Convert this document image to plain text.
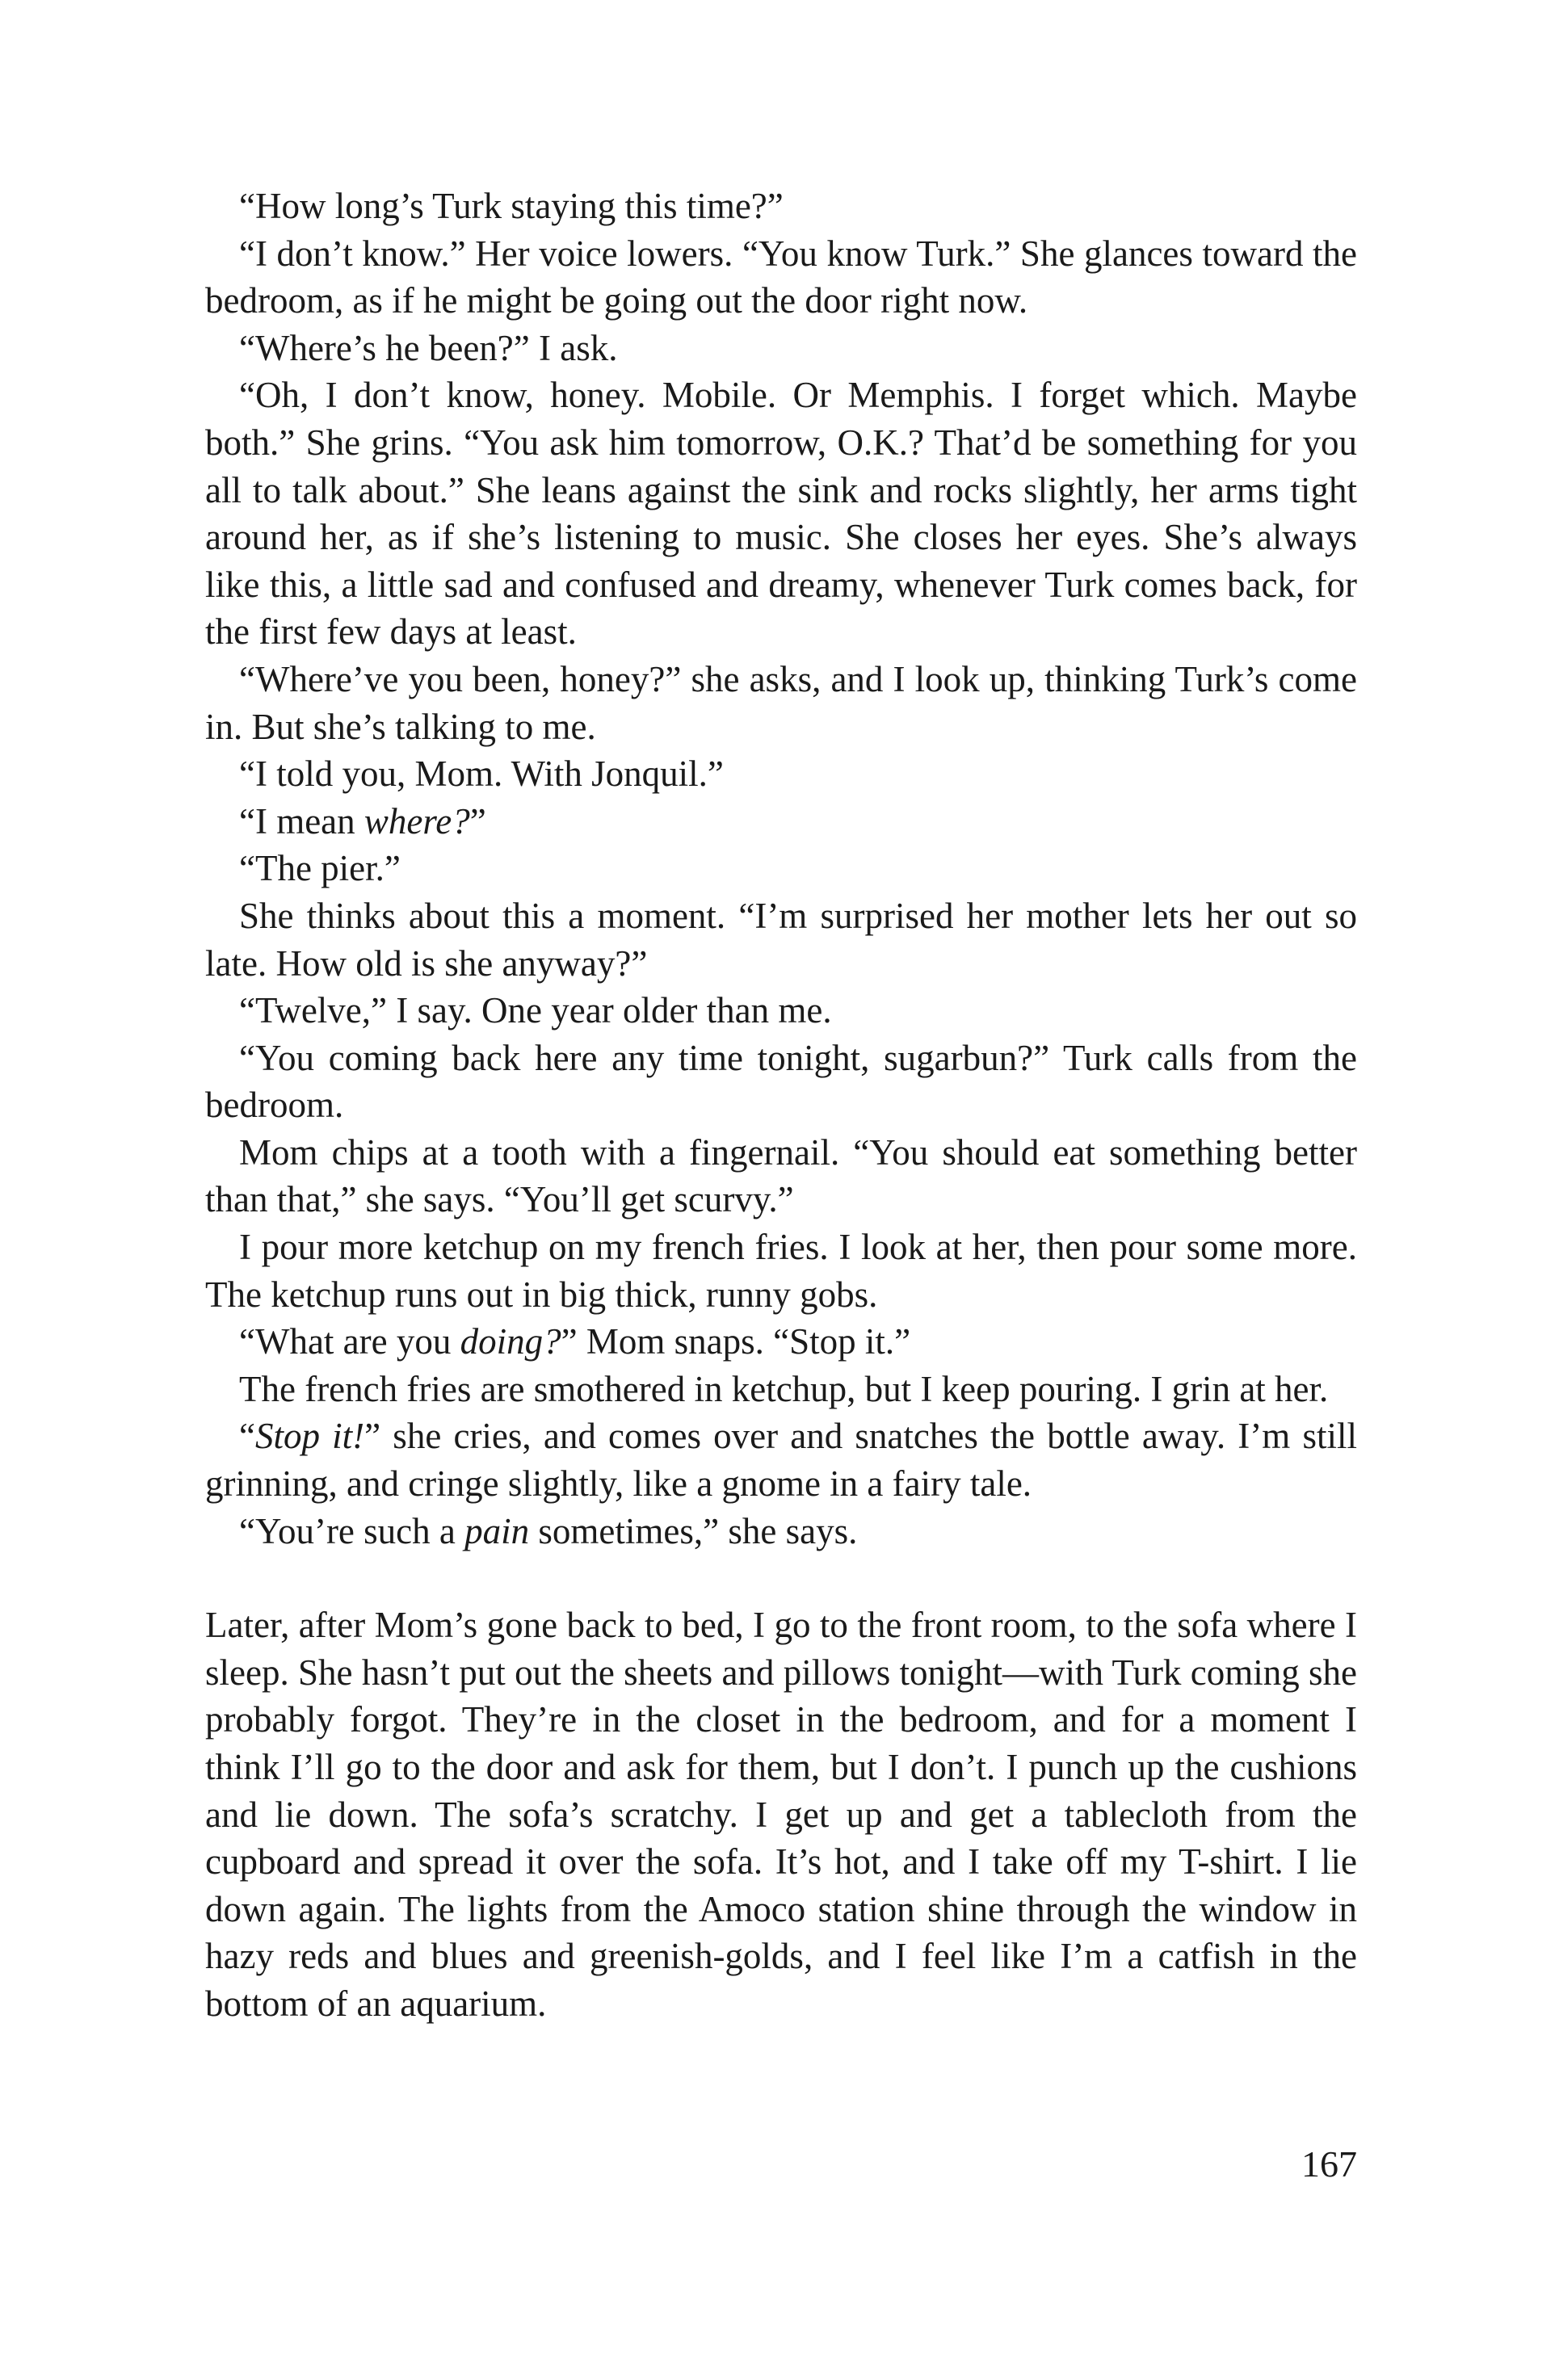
“How long’s Turk staying this time?”

“I don’t know.” Her voice lowers. “You know Turk.” She glances toward the bedroom, as if he might be going out the door right now.

“Where’s he been?” I ask.

“Oh, I don’t know, honey. Mobile. Or Memphis. I forget which. Maybe both.” She grins. “You ask him tomorrow, O.K.? That’d be something for you all to talk about.” She leans against the sink and rocks slightly, her arms tight around her, as if she’s listening to music. She closes her eyes. She’s always like this, a little sad and confused and dreamy, whenever Turk comes back, for the first few days at least.

“Where’ve you been, honey?” she asks, and I look up, thinking Turk’s come in. But she’s talking to me.

“I told you, Mom. With Jonquil.”

“I mean where?”

“The pier.”

She thinks about this a moment. “I’m surprised her mother lets her out so late. How old is she anyway?”

“Twelve,” I say. One year older than me.

“You coming back here any time tonight, sugarbun?” Turk calls from the bedroom.

Mom chips at a tooth with a fingernail. “You should eat something better than that,” she says. “You’ll get scurvy.”

I pour more ketchup on my french fries. I look at her, then pour some more. The ketchup runs out in big thick, runny gobs.

“What are you doing?” Mom snaps. “Stop it.”

The french fries are smothered in ketchup, but I keep pouring. I grin at her.

“Stop it!” she cries, and comes over and snatches the bottle away. I’m still grinning, and cringe slightly, like a gnome in a fairy tale.

“You’re such a pain sometimes,” she says.

Later, after Mom’s gone back to bed, I go to the front room, to the sofa where I sleep. She hasn’t put out the sheets and pillows tonight—with Turk coming she probably forgot. They’re in the closet in the bedroom, and for a moment I think I’ll go to the door and ask for them, but I don’t. I punch up the cushions and lie down. The sofa’s scratchy. I get up and get a tablecloth from the cupboard and spread it over the sofa. It’s hot, and I take off my T-shirt. I lie down again. The lights from the Amoco station shine through the window in hazy reds and blues and greenish-golds, and I feel like I’m a catfish in the bottom of an aquarium.

167
